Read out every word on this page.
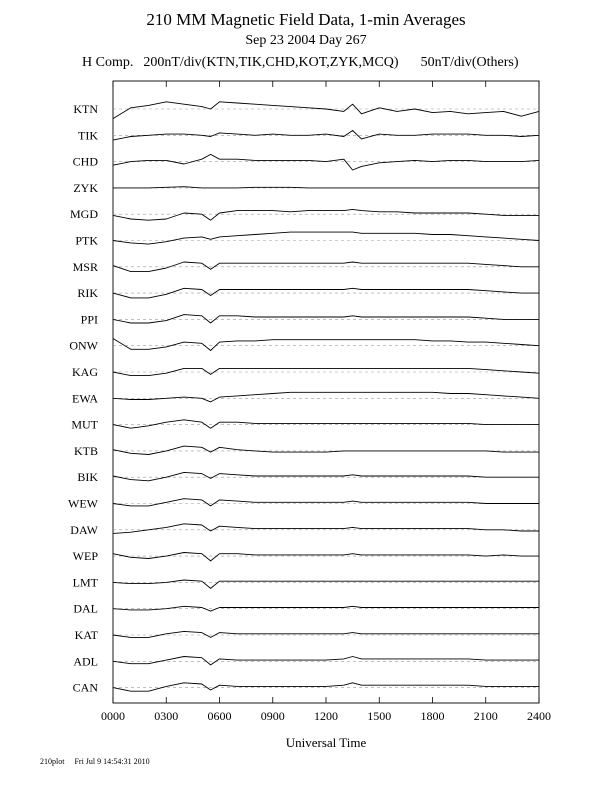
210 MM Magnetic Field Data, 1-min Averages
Sep 23 2004 Day 267
H Comp. 200nT/div(KTN,TIK,CHD,KOT,ZYK,MCQ) 50nT/div(Others)
KTN
TIK
CHD
ZYK
MGD
PTK
MSR
RIK
PPI
ONW
KAG
EWA
MUT
KTB
BIK
WEW
DAW
WEP
LMT
DAL
KAT
ADL
CAN
0000 0300 0600 0900 1200 1500 1800 2100 2400
Universal Time
210plot Fri Jul 9 14:54:31 2010
